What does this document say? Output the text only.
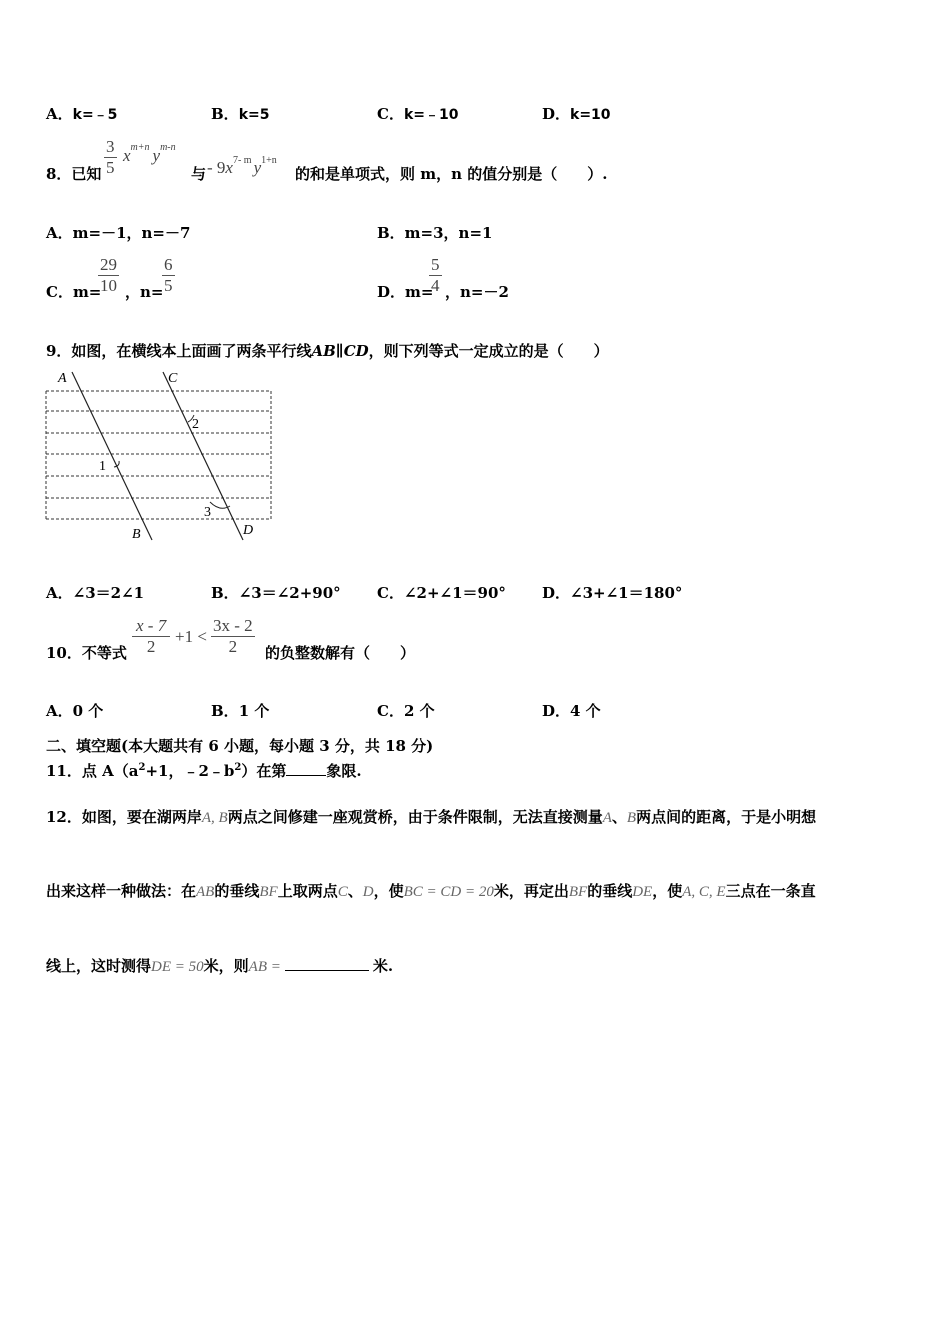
A．k=﹣5	B．k=5	C．k=﹣10	D．k=10
8．已知 $\frac{3}{5} x^{m+n}$ $y^{m-n}$
与 - $9x^{7- m}$ $y^{1+n}$
的和是单项式，则 m，n 的值分别是（　　）.
A．m=－1，n=－7	B．m=3，n=1
C．m=
$\frac{29}{10}$ ，n=
$\frac{6}{5}$	D．m=
$\frac{5}{4}$ ，n=－2
9．如图，在横线本上面画了两条平行线AB∥CD，则下列等式一定成立的是（　　）
A	C
B	D
1
2
3
A．∠3＝2∠1	B．∠3＝∠2+90° C．∠2+∠1＝90° D．∠3+∠1＝180°
10．不等式 $\frac{x - 7}{2} +1 < \frac{3x - 2}{2}$ 的负整数解有（　　）
A．0 个	B．1 个	C．2 个	D．4 个
二、填空题(本大题共有 6 小题，每小题 3 分，共 18 分)
11．点 $A(a^2+1$，$﹣2﹣b^2$）在第	象限.
12．如图，要在湖两岸A, B两点之间修建一座观赏桥，由于条件限制，无法直接测量A、B两点间的距离，于是小明想
出来这样一种做法：在AB的垂线BF上取两点C、D，使BC = CD = 20米，再定出BF的垂线DE，使A, C, E三点在一条直
线上，这时测得DE = 50米，则AB =	米.
